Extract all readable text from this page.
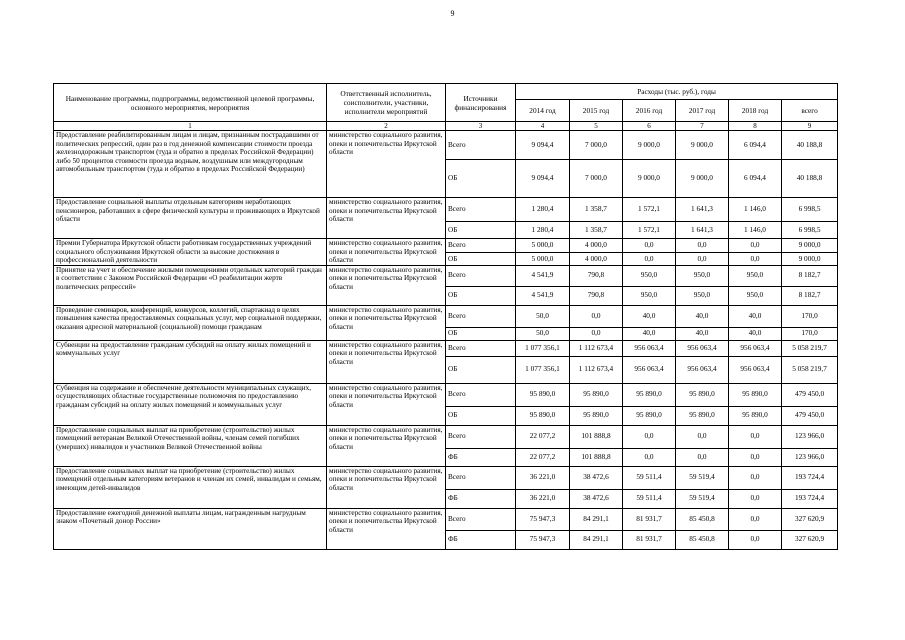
9
Наименование программы, подпрограммы, ведомственной целевой программы, основного мероприятия, мероприятия	Ответственный исполнитель, соисполнители, участники, исполнители мероприятий	Источники финансирования	Расходы (тыс. руб.), годы					
			2014 год	2015 год	2016 год	2017 год	2018 год	всего
1	2	3	4	5	6	7	8	9
Предоставление реабилитированным лицам и лицам, признанным пострадавшими от политических репрессий, один раз в год денежной компенсации стоимости проезда железнодорожным транспортом (туда и обратно в пределах Российской Федерации) либо 50 процентов стоимости проезда водным, воздушным или междугородным автомобильным транспортом (туда и обратно в пределах Российской Федерации)	министерство социального развития, опеки и попечительства Иркутской области	Всего	9 094,4	7 000,0	9 000,0	9 000,0	6 094,4	40 188,8
		ОБ	9 094,4	7 000,0	9 000,0	9 000,0	6 094,4	40 188,8
Предоставление социальной выплаты отдельным категориям неработающих пенсионеров, работавших в сфере физической культуры и проживающих в Иркутской области	министерство социального развития, опеки и попечительства Иркутской области	Всего	1 280,4	1 358,7	1 572,1	1 641,3	1 146,0	6 998,5
		ОБ	1 280,4	1 358,7	1 572,1	1 641,3	1 146,0	6 998,5
Премии Губернатора Иркутской области работникам государственных учреждений социального обслуживания Иркутской области за высокие достижения в профессиональной деятельности	министерство социального развития, опеки и попечительства Иркутской области	Всего	5 000,0	4 000,0	0,0	0,0	0,0	9 000,0
		ОБ	5 000,0	4 000,0	0,0	0,0	0,0	9 000,0
Принятие на учет и обеспечение жилыми помещениями отдельных категорий граждан в соответствии с Законом Российской Федерации «О реабилитации жертв политических репрессий»	министерство социального развития, опеки и попечительства Иркутской области	Всего	4 541,9	790,8	950,0	950,0	950,0	8 182,7
		ОБ	4 541,9	790,8	950,0	950,0	950,0	8 182,7
Проведение семинаров, конференций, конкурсов, коллегий, спартакиад в целях повышения качества предоставляемых социальных услуг, мер социальной поддержки, оказания адресной материальной (социальной) помощи гражданам	министерство социального развития, опеки и попечительства Иркутской области	Всего	50,0	0,0	40,0	40,0	40,0	170,0
		ОБ	50,0	0,0	40,0	40,0	40,0	170,0
Субвенции на предоставление гражданам субсидий на оплату жилых помещений и коммунальных услуг	министерство социального развития, опеки и попечительства Иркутской области	Всего	1 077 356,1	1 112 673,4	956 063,4	956 063,4	956 063,4	5 058 219,7
		ОБ	1 077 356,1	1 112 673,4	956 063,4	956 063,4	956 063,4	5 058 219,7
Субвенция на содержание и обеспечение деятельности муниципальных служащих, осуществляющих областные государственные полномочия по предоставлению гражданам субсидий на оплату жилых помещений и коммунальных услуг	министерство социального развития, опеки и попечительства Иркутской области	Всего	95 890,0	95 890,0	95 890,0	95 890,0	95 890,0	479 450,0
		ОБ	95 890,0	95 890,0	95 890,0	95 890,0	95 890,0	479 450,0
Предоставление социальных выплат на приобретение (строительство) жилых помещений ветеранам Великой Отечественной войны, членам семей погибших (умерших) инвалидов и участников Великой Отечественной войны	министерство социального развития, опеки и попечительства Иркутской области	Всего	22 077,2	101 888,8	0,0	0,0	0,0	123 966,0
		ФБ	22 077,2	101 888,8	0,0	0,0	0,0	123 966,0
Предоставление социальных выплат на приобретение (строительство) жилых помещений отдельным категориям ветеранов и членам их семей, инвалидам и семьям, имеющим детей-инвалидов	министерство социального развития, опеки и попечительства Иркутской области	Всего	36 221,0	38 472,6	59 511,4	59 519,4	0,0	193 724,4
		ФБ	36 221,0	38 472,6	59 511,4	59 519,4	0,0	193 724,4
Предоставление ежегодной денежной выплаты лицам, награжденным нагрудным знаком «Почетный донор России»	министерство социального развития, опеки и попечительства Иркутской области	Всего	75 947,3	84 291,1	81 931,7	85 450,8	0,0	327 620,9
		ФБ	75 947,3	84 291,1	81 931,7	85 450,8	0,0	327 620,9
